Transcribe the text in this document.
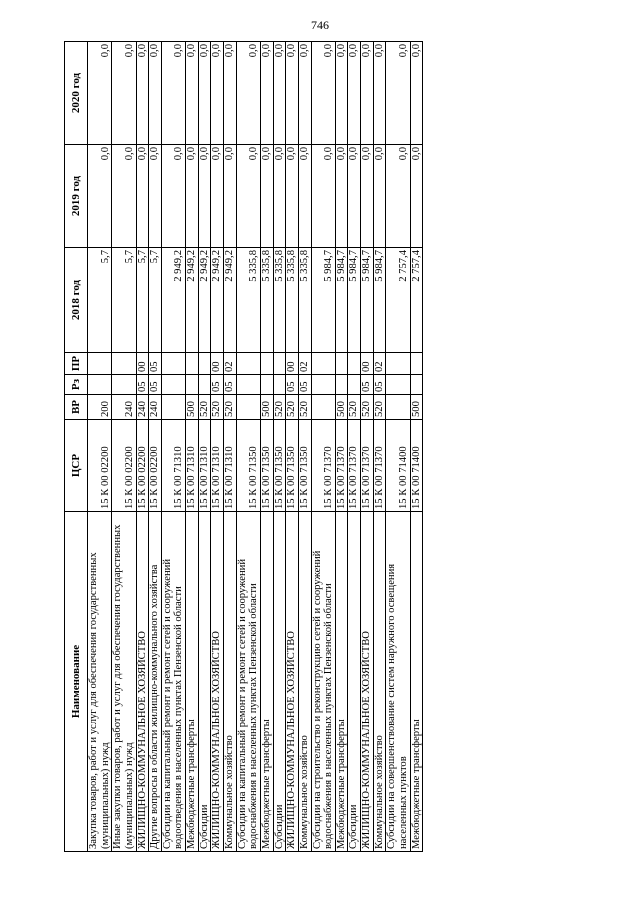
746
Наименование	ЦСР	ВР	Рз	ПР	2018 год	2019 год	2020 год
Закупка товаров, работ и услуг для обеспечения государственных (муниципальных) нужд	15 К 00 02200	200			5,7	0,0	0,0
Иные закупки товаров, работ и услуг для обеспечения государственных (муниципальных) нужд	15 К 00 02200	240			5,7	0,0	0,0
ЖИЛИЩНО-КОММУНАЛЬНОЕ ХОЗЯЙСТВО	15 К 00 02200	240	05	00	5,7	0,0	0,0
Другие вопросы в области жилищно-коммунального хозяйства	15 К 00 02200	240	05	05	5,7	0,0	0,0
Субсидии на капитальный ремонт и ремонт сетей и сооружений водоотведения в населенных пунктах Пензенской области	15 К 00 71310				2 949,2	0,0	0,0
Межбюджетные трансферты	15 К 00 71310	500			2 949,2	0,0	0,0
Субсидии	15 К 00 71310	520			2 949,2	0,0	0,0
ЖИЛИЩНО-КОММУНАЛЬНОЕ ХОЗЯЙСТВО	15 К 00 71310	520	05	00	2 949,2	0,0	0,0
Коммунальное хозяйство	15 К 00 71310	520	05	02	2 949,2	0,0	0,0
Субсидии на капитальный ремонт и ремонт сетей и сооружений водоснабжения в населенных пунктах Пензенской области	15 К 00 71350				5 335,8	0,0	0,0
Межбюджетные трансферты	15 К 00 71350	500			5 335,8	0,0	0,0
Субсидии	15 К 00 71350	520			5 335,8	0,0	0,0
ЖИЛИЩНО-КОММУНАЛЬНОЕ ХОЗЯЙСТВО	15 К 00 71350	520	05	00	5 335,8	0,0	0,0
Коммунальное хозяйство	15 К 00 71350	520	05	02	5 335,8	0,0	0,0
Субсидии на строительство и реконструкцию сетей и сооружений водоснабжения в населенных пунктах Пензенской области	15 К 00 71370				5 984,7	0,0	0,0
Межбюджетные трансферты	15 К 00 71370	500			5 984,7	0,0	0,0
Субсидии	15 К 00 71370	520			5 984,7	0,0	0,0
ЖИЛИЩНО-КОММУНАЛЬНОЕ ХОЗЯЙСТВО	15 К 00 71370	520	05	00	5 984,7	0,0	0,0
Коммунальное хозяйство	15 К 00 71370	520	05	02	5 984,7	0,0	0,0
Субсидии на совершенствование систем наружного освещения населенных пунктов	15 К 00 71400				2 757,4	0,0	0,0
Межбюджетные трансферты	15 К 00 71400	500			2 757,4	0,0	0,0
